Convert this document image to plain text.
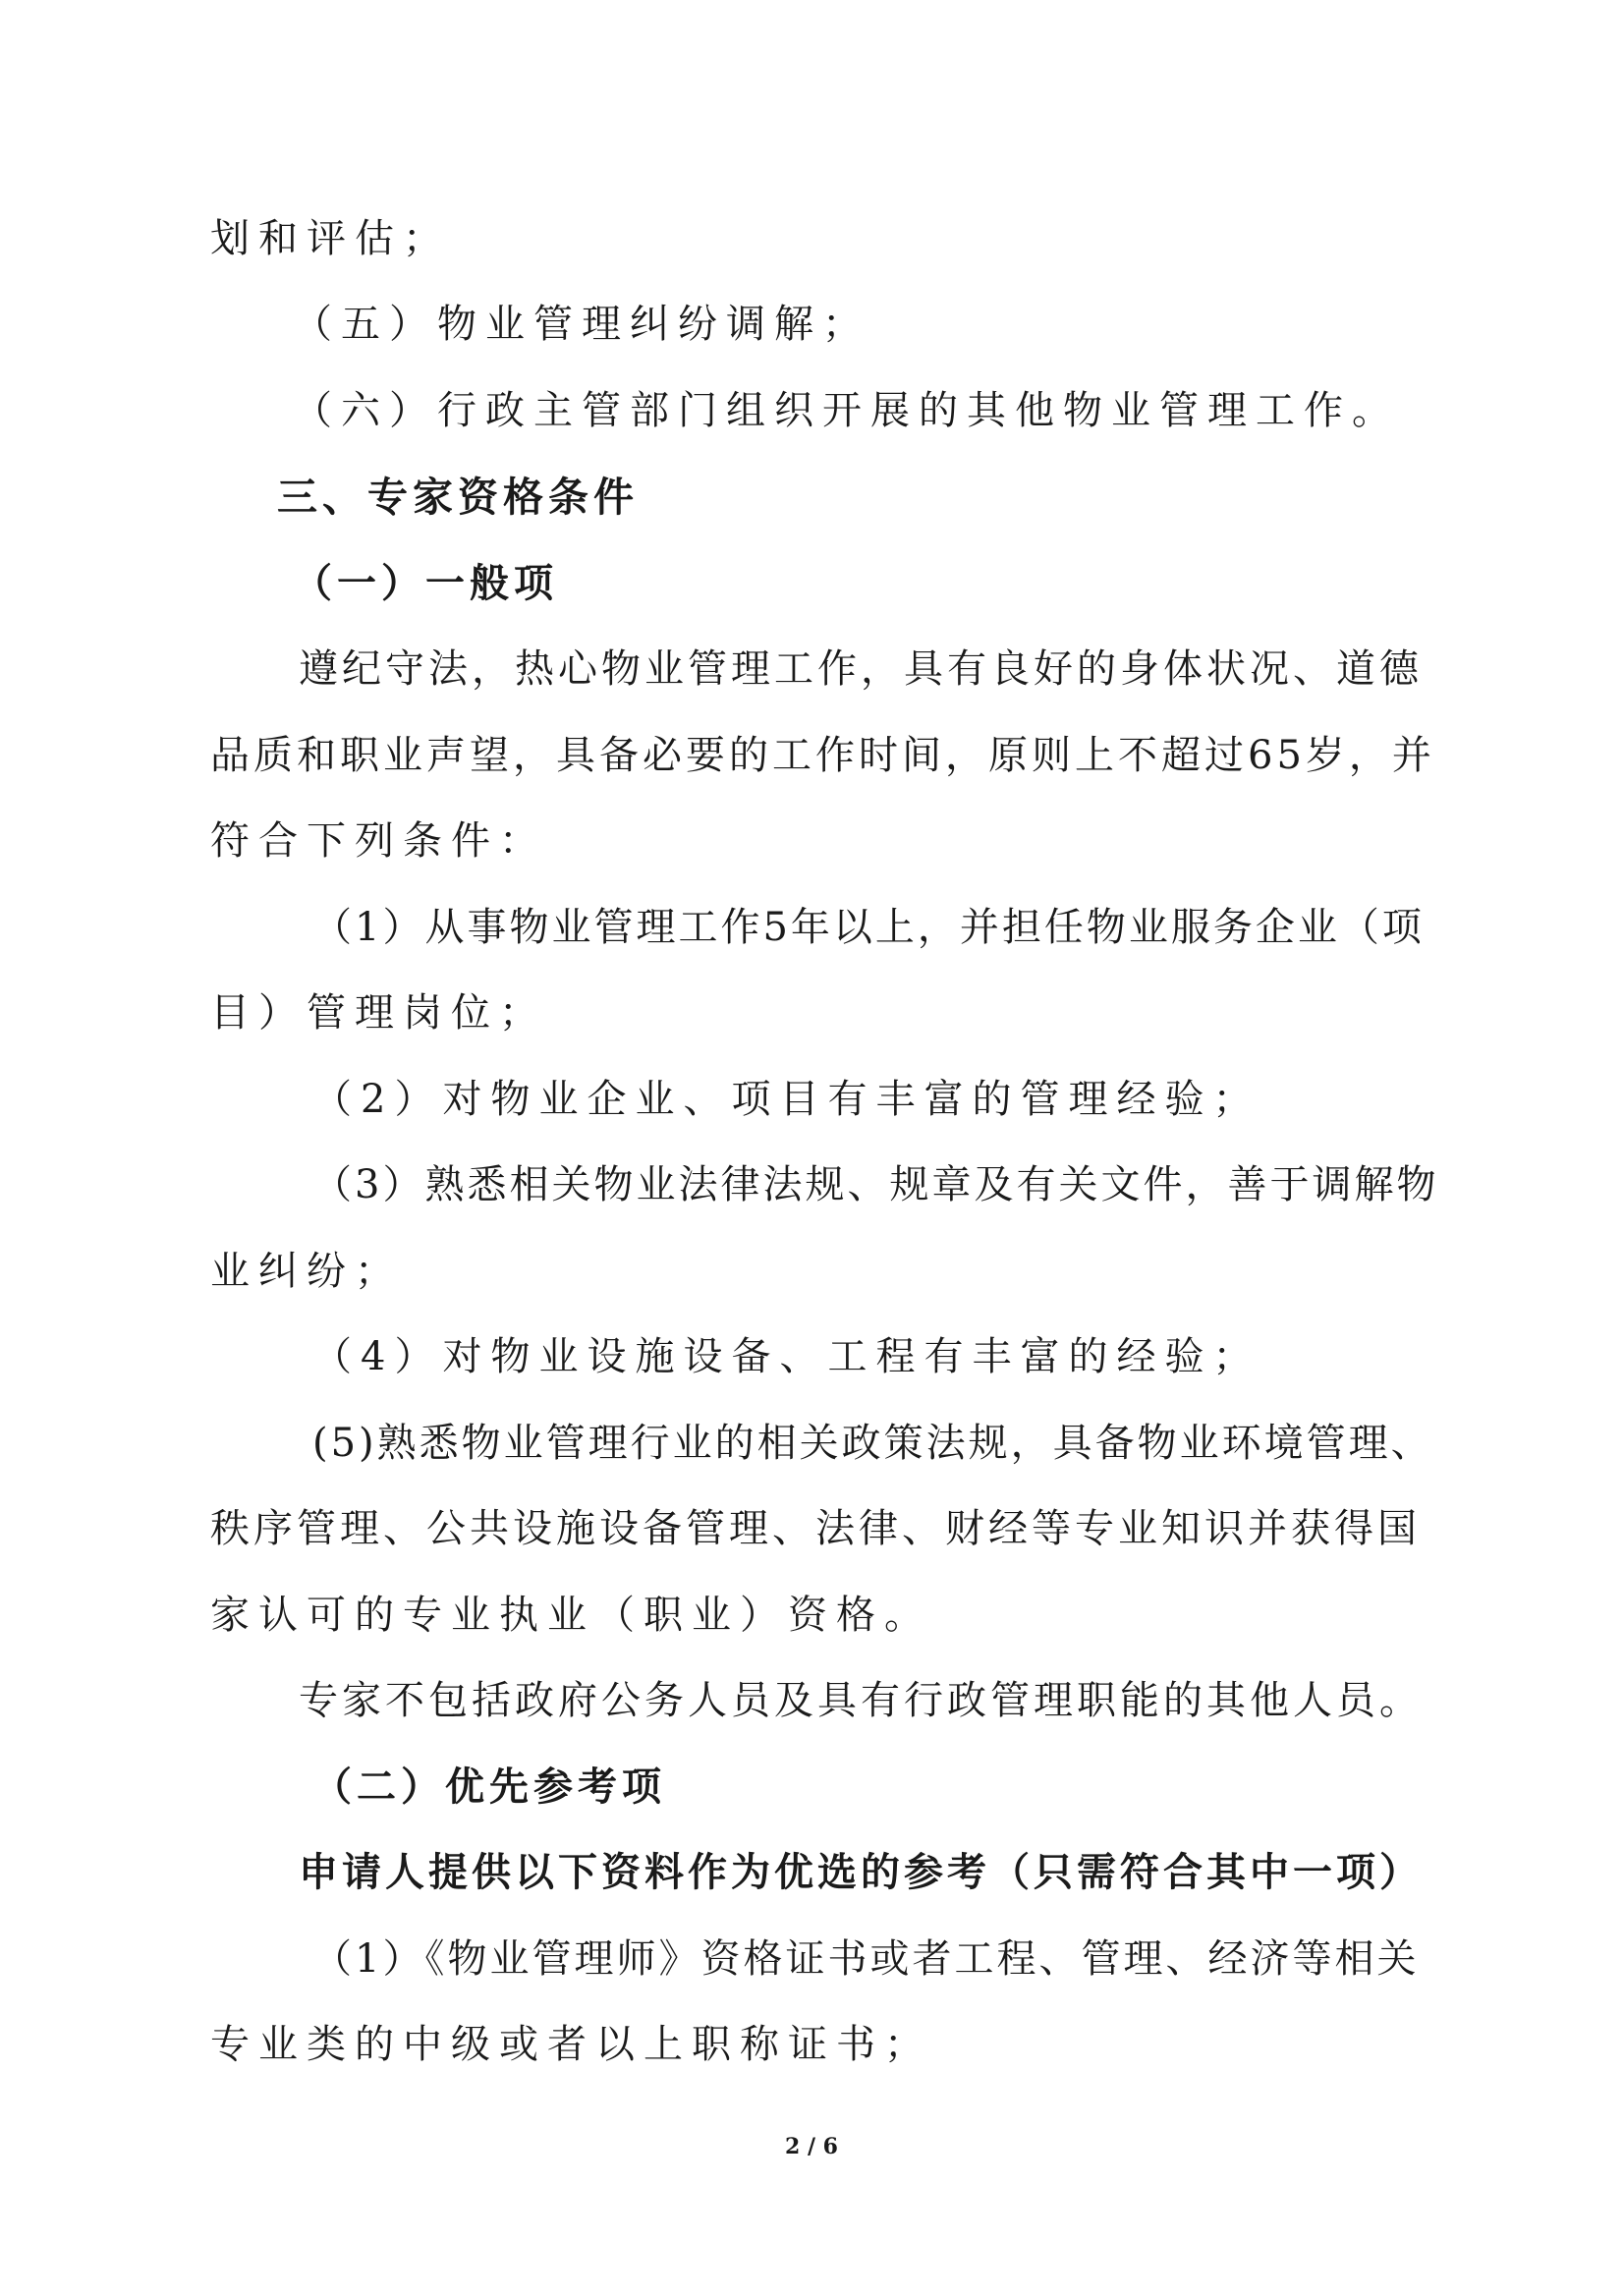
划和评估；
（五）物业管理纠纷调解；
（六）行政主管部门组织开展的其他物业管理工作。
三、专家资格条件
（一）一般项
遵纪守法，热心物业管理工作，具有良好的身体状况、道德
品质和职业声望，具备必要的工作时间，原则上不超过65岁，并
符合下列条件：
（1）从事物业管理工作5年以上，并担任物业服务企业（项
目）管理岗位；
（2）对物业企业、项目有丰富的管理经验；
（3）熟悉相关物业法律法规、规章及有关文件，善于调解物
业纠纷；
（4）对物业设施设备、工程有丰富的经验；
(5)熟悉物业管理行业的相关政策法规，具备物业环境管理、
秩序管理、公共设施设备管理、法律、财经等专业知识并获得国
家认可的专业执业（职业）资格。
专家不包括政府公务人员及具有行政管理职能的其他人员。
（二）优先参考项
申请人提供以下资料作为优选的参考（只需符合其中一项）
（1）《物业管理师》资格证书或者工程、管理、经济等相关
专业类的中级或者以上职称证书；
2 / 6
